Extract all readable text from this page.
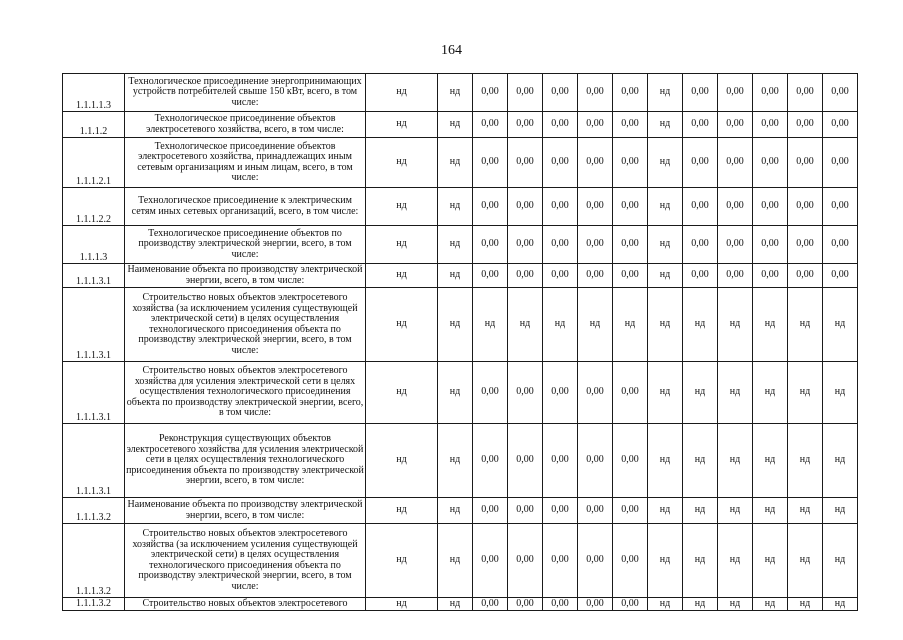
164
1.1.1.1.3	Технологическое присоединение энергопринимающих устройств потребителей свыше 150 кВт, всего, в том числе:	нд	нд	0,00	0,00	0,00	0,00	0,00	нд	0,00	0,00	0,00	0,00	0,00
1.1.1.2	Технологическое присоединение объектов электросетевого хозяйства, всего, в том числе:	нд	нд	0,00	0,00	0,00	0,00	0,00	нд	0,00	0,00	0,00	0,00	0,00
1.1.1.2.1	Технологическое присоединение объектов электросетевого хозяйства, принадлежащих иным сетевым организациям и иным лицам, всего, в том числе:	нд	нд	0,00	0,00	0,00	0,00	0,00	нд	0,00	0,00	0,00	0,00	0,00
1.1.1.2.2	Технологическое присоединение к электрическим сетям иных сетевых организаций, всего, в том числе:	нд	нд	0,00	0,00	0,00	0,00	0,00	нд	0,00	0,00	0,00	0,00	0,00
1.1.1.3	Технологическое присоединение объектов по производству электрической энергии, всего, в том числе:	нд	нд	0,00	0,00	0,00	0,00	0,00	нд	0,00	0,00	0,00	0,00	0,00
1.1.1.3.1	Наименование объекта по производству электрической энергии, всего, в том числе:	нд	нд	0,00	0,00	0,00	0,00	0,00	нд	0,00	0,00	0,00	0,00	0,00
1.1.1.3.1	Строительство новых объектов электросетевого хозяйства (за исключением усиления существующей электрической сети) в целях осуществления технологического присоединения объекта по производству электрической энергии, всего, в том числе:	нд	нд	нд	нд	нд	нд	нд	нд	нд	нд	нд	нд	нд
1.1.1.3.1	Строительство новых объектов электросетевого хозяйства для усиления электрической сети в целях осуществления технологического присоединения объекта по производству электрической энергии, всего, в том числе:	нд	нд	0,00	0,00	0,00	0,00	0,00	нд	нд	нд	нд	нд	нд
1.1.1.3.1	Реконструкция существующих объектов электросетевого хозяйства для усиления электрической сети в целях осуществления технологического присоединения объекта по производству электрической энергии, всего, в том числе:	нд	нд	0,00	0,00	0,00	0,00	0,00	нд	нд	нд	нд	нд	нд
1.1.1.3.2	Наименование объекта по производству электрической энергии, всего, в том числе:	нд	нд	0,00	0,00	0,00	0,00	0,00	нд	нд	нд	нд	нд	нд
1.1.1.3.2	Строительство новых объектов электросетевого хозяйства (за исключением усиления существующей электрической сети) в целях осуществления технологического присоединения объекта по производству электрической энергии, всего, в том числе:	нд	нд	0,00	0,00	0,00	0,00	0,00	нд	нд	нд	нд	нд	нд
1.1.1.3.2	Строительство новых объектов электросетевого	нд	нд	0,00	0,00	0,00	0,00	0,00	нд	нд	нд	нд	нд	нд
